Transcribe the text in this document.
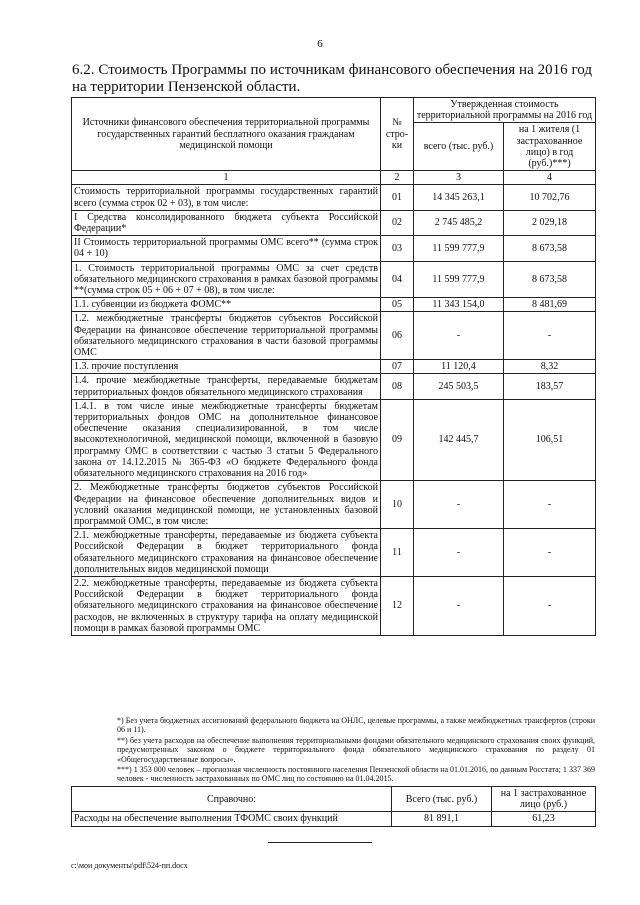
6
6.2. Стоимость Программы по источникам финансового обеспечения на 2016 год на территории Пензенской области.
Источники финансового обеспечения территориальной программы государственных гарантий бесплатного оказания гражданам медицинской помощи	№ стро-ки	Утвержденная стоимость территориальной программы на 2016 год	
		всего (тыс. руб.)	на 1 жителя (1 застрахованное лицо) в год (руб.)***)
1	2	3	4
Стоимость территориальной программы государственных гарантий всего (сумма строк 02 + 03), в том числе:	01	14 345 263,1	10 702,76
I Средства консолидированного бюджета субъекта Российской Федерации*	02	2 745 485,2	2 029,18
II Стоимость территориальной программы ОМС всего** (сумма строк 04 + 10)	03	11 599 777,9	8 673,58
1. Стоимость территориальной программы ОМС за счет средств обязательного медицинского страхования в рамках базовой программы **(сумма строк 05 + 06 + 07 + 08), в том числе:	04	11 599 777,9	8 673,58
1.1. субвенции из бюджета ФОМС**	05	11 343 154,0	8 481,69
1.2. межбюджетные трансферты бюджетов субъектов Российской Федерации на финансовое обеспечение территориальной программы обязательного медицинского страхования в части базовой программы ОМС	06	-	-
1.3. прочие поступления	07	11 120,4	8,32
1.4. прочие межбюджетные трансферты, передаваемые бюджетам территориальных фондов обязательного медицинского страхования	08	245 503,5	183,57
1.4.1. в том числе иные межбюджетные трансферты бюджетам территориальных фондов ОМС на дополнительное финансовое обеспечение оказания специализированной, в том числе высокотехнологичной, медицинской помощи, включенной в базовую программу ОМС в соответствии с частью 3 статьи 5 Федерального закона от 14.12.2015 № 365-ФЗ «О бюджете Федерального фонда обязательного медицинского страхования на 2016 год»	09	142 445,7	106,51
2. Межбюджетные трансферты бюджетов субъектов Российской Федерации на финансовое обеспечение дополнительных видов и условий оказания медицинской помощи, не установленных базовой программой ОМС, в том числе:	10	-	-
2.1. межбюджетные трансферты, передаваемые из бюджета субъекта Российской Федерации в бюджет территориального фонда обязательного медицинского страхования на финансовое обеспечение дополнительных видов медицинской помощи	11	-	-
2.2. межбюджетные трансферты, передаваемые из бюджета субъекта Российской Федерации в бюджет территориального фонда обязательного медицинского страхования на финансовое обеспечение расходов, не включенных в структуру тарифа на оплату медицинской помощи в рамках базовой программы ОМС	12	-	-

*) Без учета бюджетных ассигнований федерального бюджета на ОНЛС, целевые программы, а также межбюджетных трансфертов (строки 06 и 11).

**) без учета расходов на обеспечение выполнения территориальными фондами обязательного медицинского страхования своих функций, предусмотренных законом о бюджете территориального фонда обязательного медицинского страхования по разделу 01 «Общегосударственные вопросы».

***) 1 353 000 человек – прогнозная численность постоянного населения Пензенской области на 01.01.2016, по данным Росстата; 1 337 369 человек - численность застрахованных по ОМС лиц по состоянию на 01.04.2015.

Справочно:	Всего (тыс. руб.)	на 1 застрахованное лицо (руб.)
Расходы на обеспечение выполнения ТФОМС своих функций	81 891,1	61,23
c:\мои документы\pdf\524-пп.docx
